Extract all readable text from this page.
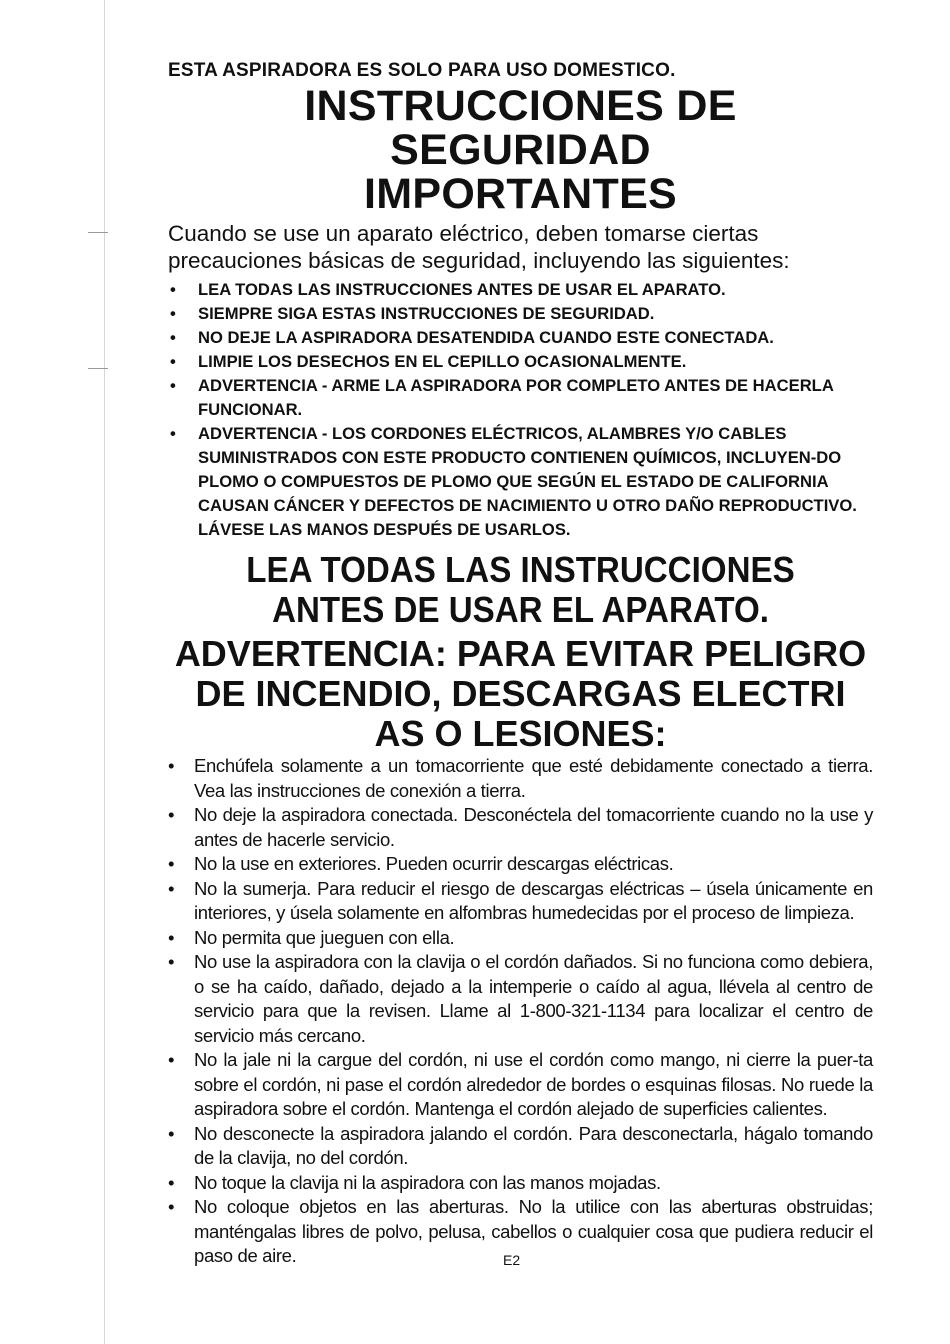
ESTA ASPIRADORA ES SOLO PARA USO DOMESTICO.
INSTRUCCIONES DE SEGURIDAD
IMPORTANTES
Cuando se use un aparato eléctrico, deben tomarse ciertas precauciones básicas de seguridad, incluyendo las siguientes:
• LEA TODAS LAS INSTRUCCIONES ANTES DE USAR EL APARATO.
• SIEMPRE SIGA ESTAS INSTRUCCIONES DE SEGURIDAD.
• NO DEJE LA ASPIRADORA DESATENDIDA CUANDO ESTE CONECTADA.
• LIMPIE LOS DESECHOS EN EL CEPILLO OCASIONALMENTE.
• ADVERTENCIA - ARME LA ASPIRADORA POR COMPLETO ANTES DE HACERLA FUNCIONAR.
• ADVERTENCIA - LOS CORDONES ELÉCTRICOS, ALAMBRES Y/O CABLES SUMINISTRADOS CON ESTE PRODUCTO CONTIENEN QUÍMICOS, INCLUYEN-DO PLOMO O COMPUESTOS DE PLOMO QUE SEGÚN EL ESTADO DE CALIFORNIA CAUSAN CÁNCER Y DEFECTOS DE NACIMIENTO U OTRO DAÑO REPRODUCTIVO. LÁVESE LAS MANOS DESPUÉS DE USARLOS.
LEA TODAS LAS INSTRUCCIONES ANTES DE USAR EL APARATO.
ADVERTENCIA: PARA EVITAR PELIGRO DE INCENDIO, DESCARGAS ELECTRI AS O LESIONES:
• Enchúfela solamente a un tomacorriente que esté debidamente conectado a tierra. Vea las instrucciones de conexión a tierra.
• No deje la aspiradora conectada. Desconéctela del tomacorriente cuando no la use y antes de hacerle servicio.
• No la use en exteriores. Pueden ocurrir descargas eléctricas.
• No la sumerja. Para reducir el riesgo de descargas eléctricas – úsela únicamente en interiores, y úsela solamente en alfombras humedecidas por el proceso de limpieza.
• No permita que jueguen con ella.
• No use la aspiradora con la clavija o el cordón dañados. Si no funciona como debiera, o se ha caído, dañado, dejado a la intemperie o caído al agua, llévela al centro de servicio para que la revisen. Llame al 1-800-321-1134 para localizar el centro de servicio más cercano.
• No la jale ni la cargue del cordón, ni use el cordón como mango, ni cierre la puer-ta sobre el cordón, ni pase el cordón alrededor de bordes o esquinas filosas. No ruede la aspiradora sobre el cordón. Mantenga el cordón alejado de superficies calientes.
• No desconecte la aspiradora jalando el cordón. Para desconectarla, hágalo tomando de la clavija, no del cordón.
• No toque la clavija ni la aspiradora con las manos mojadas.
• No coloque objetos en las aberturas. No la utilice con las aberturas obstruidas; manténgalas libres de polvo, pelusa, cabellos o cualquier cosa que pudiera reducir el paso de aire.	E2
